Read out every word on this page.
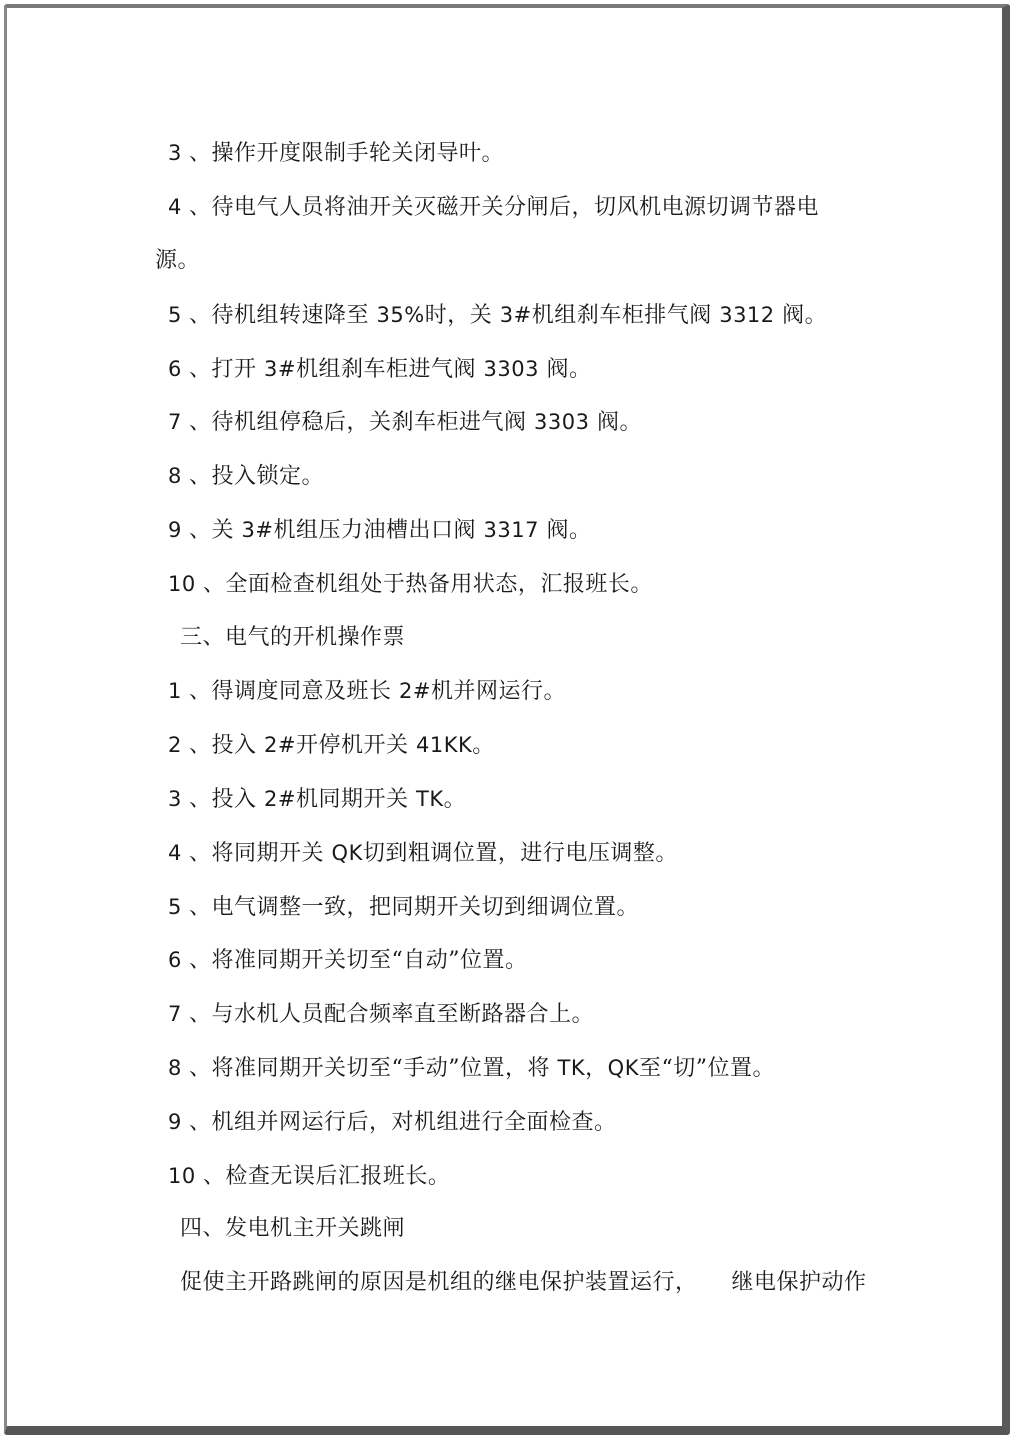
3 、操作开度限制手轮关闭导叶。
4 、待电气人员将油开关灭磁开关分闸后，切风机电源切调节器电
源。
5 、待机组转速降至 35%时，关 3#机组刹车柜排气阀 3312 阀。
6 、打开 3#机组刹车柜进气阀 3303 阀。
7 、待机组停稳后，关刹车柜进气阀 3303 阀。
8 、投入锁定。
9 、关 3#机组压力油槽出口阀 3317 阀。
10 、全面检查机组处于热备用状态，汇报班长。
三、电气的开机操作票
1 、得调度同意及班长 2#机并网运行。
2 、投入 2#开停机开关 41KK。
3 、投入 2#机同期开关 TK。
4 、将同期开关 QK切到粗调位置，进行电压调整。
5 、电气调整一致，把同期开关切到细调位置。
6 、将准同期开关切至“自动”位置。
7 、与水机人员配合频率直至断路器合上。
8 、将准同期开关切至“手动”位置，将 TK，QK至“切”位置。
9 、机组并网运行后，对机组进行全面检查。
10 、检查无误后汇报班长。
四、发电机主开关跳闸
促使主开路跳闸的原因是机组的继电保护装置运行， 继电保护动作
